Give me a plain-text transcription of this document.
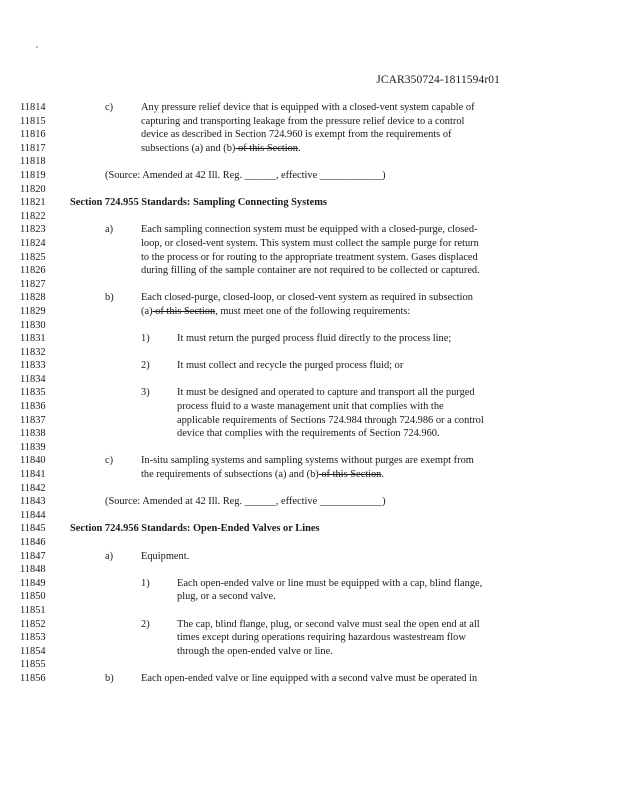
JCAR350724-1811594r01
11814	c)	Any pressure relief device that is equipped with a closed-vent system capable of
11815	capturing and transporting leakage from the pressure relief device to a control
11816	device as described in Section 724.960 is exempt from the requirements of
11817	subsections (a) and (b) of this Section.
11818
11819	(Source: Amended at 42 Ill. Reg. ______, effective ____________)
11820
11821	Section 724.955 Standards: Sampling Connecting Systems
11822
11823	a)	Each sampling connection system must be equipped with a closed-purge, closed-
11824	loop, or closed-vent system. This system must collect the sample purge for return
11825	to the process or for routing to the appropriate treatment system. Gases displaced
11826	during filling of the sample container are not required to be collected or captured.
11827
11828	b)	Each closed-purge, closed-loop, or closed-vent system as required in subsection
11829	(a) of this Section, must meet one of the following requirements:
11830
11831	1)	It must return the purged process fluid directly to the process line;
11832
11833	2)	It must collect and recycle the purged process fluid; or
11834
11835	3)	It must be designed and operated to capture and transport all the purged
11836	process fluid to a waste management unit that complies with the
11837	applicable requirements of Sections 724.984 through 724.986 or a control
11838	device that complies with the requirements of Section 724.960.
11839
11840	c)	In-situ sampling systems and sampling systems without purges are exempt from
11841	the requirements of subsections (a) and (b) of this Section.
11842
11843	(Source: Amended at 42 Ill. Reg. ______, effective ____________)
11844
11845	Section 724.956 Standards: Open-Ended Valves or Lines
11846
11847	a)	Equipment.
11848
11849	1)	Each open-ended valve or line must be equipped with a cap, blind flange,
11850	plug, or a second valve.
11851
11852	2)	The cap, blind flange, plug, or second valve must seal the open end at all
11853	times except during operations requiring hazardous wastestream flow
11854	through the open-ended valve or line.
11855
11856	b)	Each open-ended valve or line equipped with a second valve must be operated in
